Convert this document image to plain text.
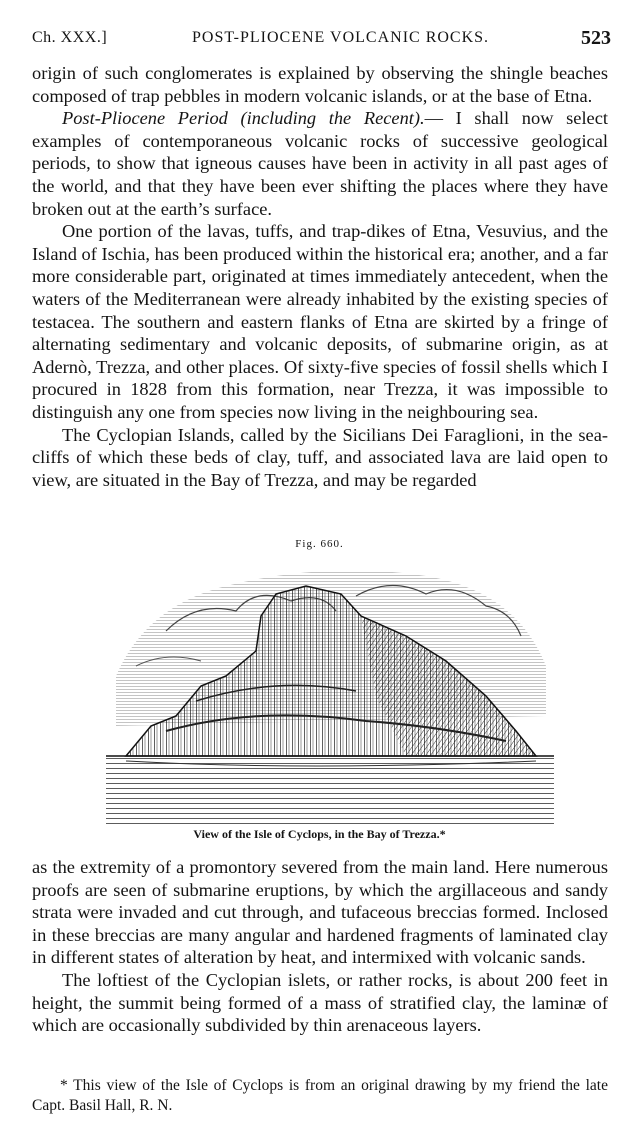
Ch. XXX.]	POST-PLIOCENE VOLCANIC ROCKS.	523

origin of such conglomerates is explained by observing the shingle beaches composed of trap pebbles in modern volcanic islands, or at the base of Etna.

Post-Pliocene Period (including the Recent).— I shall now select examples of contemporaneous volcanic rocks of successive geological periods, to show that igneous causes have been in activity in all past ages of the world, and that they have been ever shifting the places where they have broken out at the earth’s surface.

One portion of the lavas, tuffs, and trap-dikes of Etna, Vesuvius, and the Island of Ischia, has been produced within the historical era; another, and a far more considerable part, originated at times immediately antecedent, when the waters of the Mediterranean were already inhabited by the existing species of testacea. The southern and eastern flanks of Etna are skirted by a fringe of alternating sedimentary and volcanic deposits, of submarine origin, as at Adernò, Trezza, and other places. Of sixty-five species of fossil shells which I procured in 1828 from this formation, near Trezza, it was impossible to distinguish any one from species now living in the neighbouring sea.

The Cyclopian Islands, called by the Sicilians Dei Faraglioni, in the sea-cliffs of which these beds of clay, tuff, and associated lava are laid open to view, are situated in the Bay of Trezza, and may be regarded

Fig. 660.
View of the Isle of Cyclops, in the Bay of Trezza.*

as the extremity of a promontory severed from the main land. Here numerous proofs are seen of submarine eruptions, by which the argillaceous and sandy strata were invaded and cut through, and tufaceous breccias formed. Inclosed in these breccias are many angular and hardened fragments of laminated clay in different states of alteration by heat, and intermixed with volcanic sands.

The loftiest of the Cyclopian islets, or rather rocks, is about 200 feet in height, the summit being formed of a mass of stratified clay, the laminæ of which are occasionally subdivided by thin arenaceous layers.

* This view of the Isle of Cyclops is from an original drawing by my friend the late Capt. Basil Hall, R. N.
